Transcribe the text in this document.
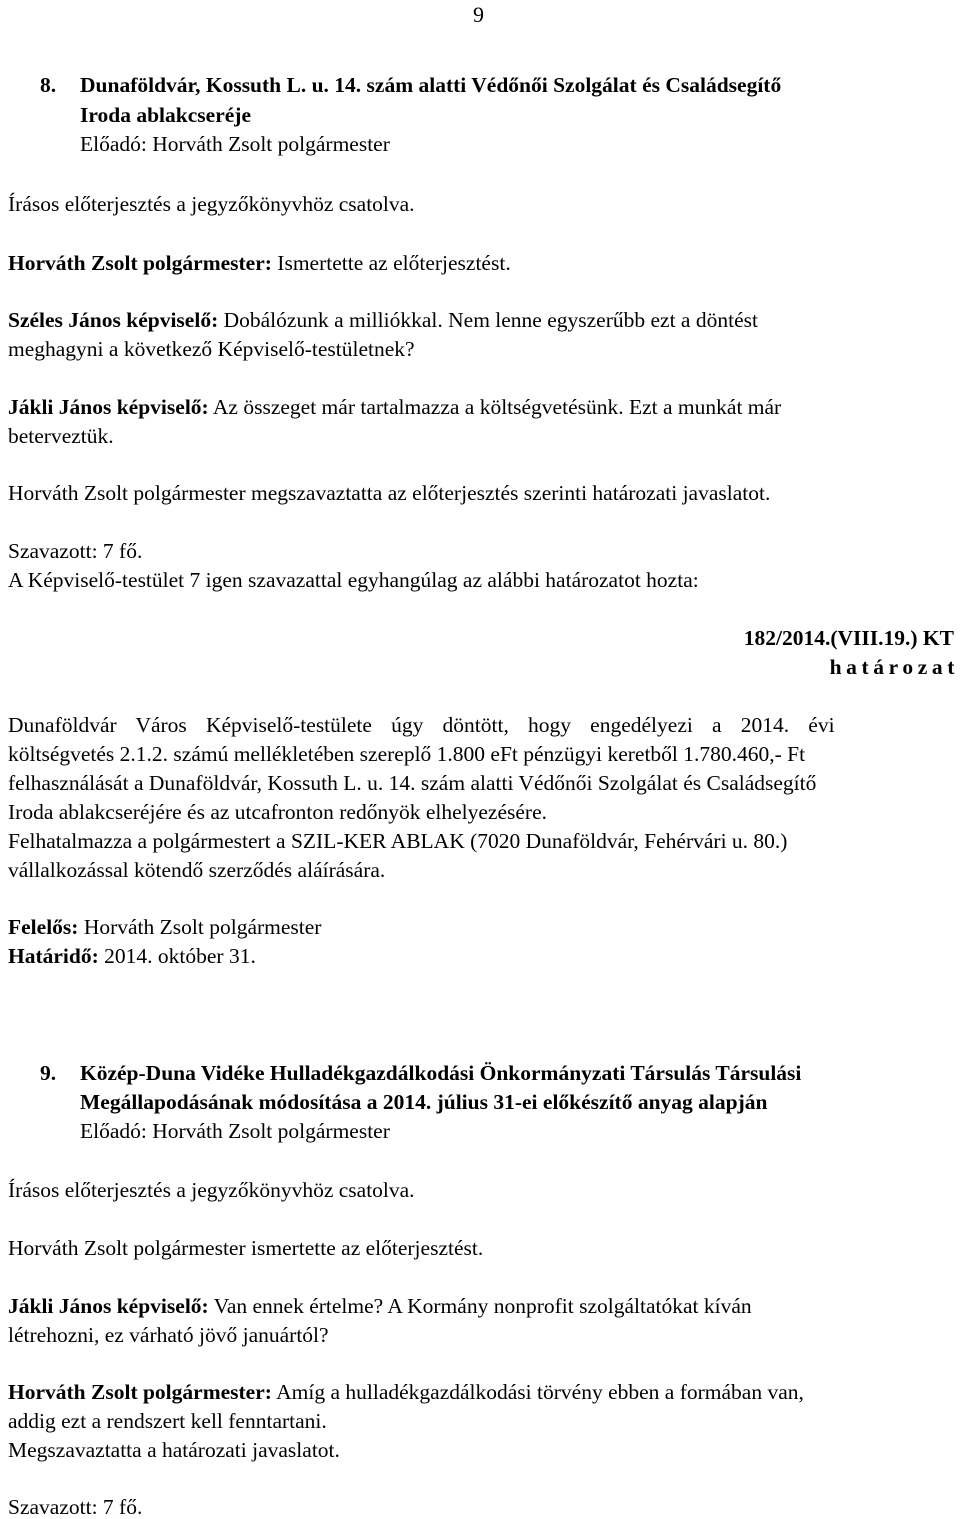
9
8. Dunaföldvár, Kossuth L. u. 14. szám alatti Védőnői Szolgálat és Családsegítő
Iroda ablakcseréje
Előadó: Horváth Zsolt polgármester
Írásos előterjesztés a jegyzőkönyvhöz csatolva.
Horváth Zsolt polgármester: Ismertette az előterjesztést.
Széles János képviselő: Dobálózunk a milliókkal. Nem lenne egyszerűbb ezt a döntést
meghagyni a következő Képviselő-testületnek?
Jákli János képviselő: Az összeget már tartalmazza a költségvetésünk. Ezt a munkát már
beterveztük.
Horváth Zsolt polgármester megszavaztatta az előterjesztés szerinti határozati javaslatot.
Szavazott: 7 fő.
A Képviselő-testület 7 igen szavazattal egyhangúlag az alábbi határozatot hozta:
182/2014.(VIII.19.) KT
határozat
Dunaföldvár Város Képviselő-testülete úgy döntött, hogy engedélyezi a 2014. évi
költségvetés 2.1.2. számú mellékletében szereplő 1.800 eFt pénzügyi keretből 1.780.460,- Ft
felhasználását a Dunaföldvár, Kossuth L. u. 14. szám alatti Védőnői Szolgálat és Családsegítő
Iroda ablakcseréjére és az utcafronton redőnyök elhelyezésére.
Felhatalmazza a polgármestert a SZIL-KER ABLAK (7020 Dunaföldvár, Fehérvári u. 80.)
vállalkozással kötendő szerződés aláírására.
Felelős: Horváth Zsolt polgármester
Határidő: 2014. október 31.
9. Közép-Duna Vidéke Hulladékgazdálkodási Önkormányzati Társulás Társulási
Megállapodásának módosítása a 2014. július 31-ei előkészítő anyag alapján
Előadó: Horváth Zsolt polgármester
Írásos előterjesztés a jegyzőkönyvhöz csatolva.
Horváth Zsolt polgármester ismertette az előterjesztést.
Jákli János képviselő: Van ennek értelme? A Kormány nonprofit szolgáltatókat kíván
létrehozni, ez várható jövő januártól?
Horváth Zsolt polgármester: Amíg a hulladékgazdálkodási törvény ebben a formában van,
addig ezt a rendszert kell fenntartani.
Megszavaztatta a határozati javaslatot.
Szavazott: 7 fő.
